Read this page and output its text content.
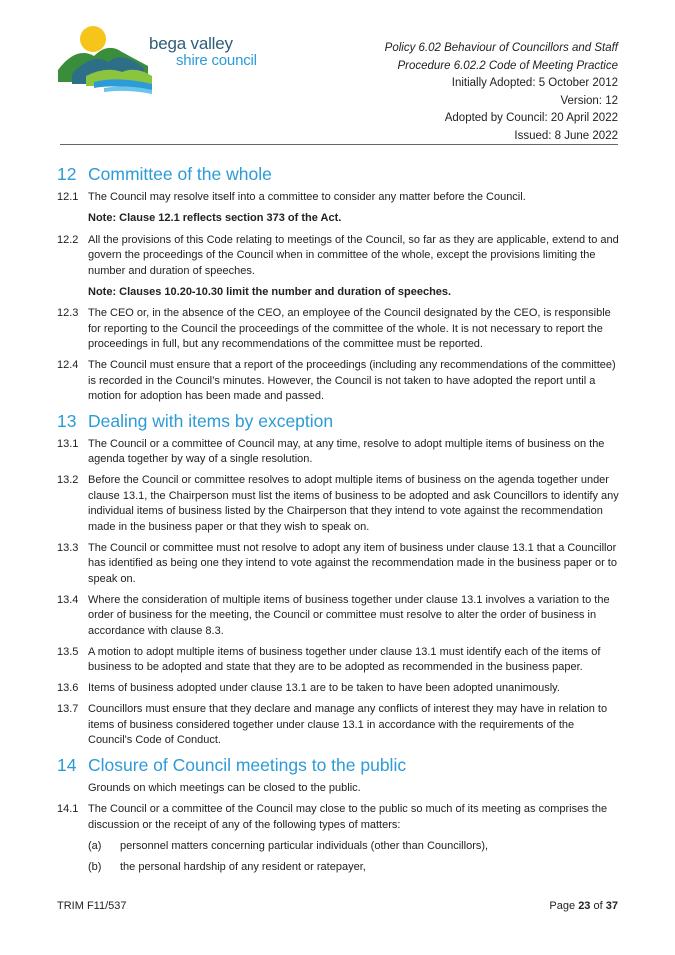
bega valley
shire council
Policy 6.02 Behaviour of Councillors and Staff
Procedure 6.02.2 Code of Meeting Practice
Initially Adopted: 5 October 2012
Version: 12
Adopted by Council: 20 April 2022
Issued: 8 June 2022
12 Committee of the whole
12.1 The Council may resolve itself into a committee to consider any matter before the Council.
Note: Clause 12.1 reflects section 373 of the Act.
12.2 All the provisions of this Code relating to meetings of the Council, so far as they are applicable, extend to and govern the proceedings of the Council when in committee of the whole, except the provisions limiting the number and duration of speeches.
Note: Clauses 10.20-10.30 limit the number and duration of speeches.
12.3 The CEO or, in the absence of the CEO, an employee of the Council designated by the CEO, is responsible for reporting to the Council the proceedings of the committee of the whole. It is not necessary to report the proceedings in full, but any recommendations of the committee must be reported.
12.4 The Council must ensure that a report of the proceedings (including any recommendations of the committee) is recorded in the Council’s minutes. However, the Council is not taken to have adopted the report until a motion for adoption has been made and passed.
13 Dealing with items by exception
13.1 The Council or a committee of Council may, at any time, resolve to adopt multiple items of business on the agenda together by way of a single resolution.
13.2 Before the Council or committee resolves to adopt multiple items of business on the agenda together under clause 13.1, the Chairperson must list the items of business to be adopted and ask Councillors to identify any individual items of business listed by the Chairperson that they intend to vote against the recommendation made in the business paper or that they wish to speak on.
13.3 The Council or committee must not resolve to adopt any item of business under clause 13.1 that a Councillor has identified as being one they intend to vote against the recommendation made in the business paper or to speak on.
13.4 Where the consideration of multiple items of business together under clause 13.1 involves a variation to the order of business for the meeting, the Council or committee must resolve to alter the order of business in accordance with clause 8.3.
13.5 A motion to adopt multiple items of business together under clause 13.1 must identify each of the items of business to be adopted and state that they are to be adopted as recommended in the business paper.
13.6 Items of business adopted under clause 13.1 are to be taken to have been adopted unanimously.
13.7 Councillors must ensure that they declare and manage any conflicts of interest they may have in relation to items of business considered together under clause 13.1 in accordance with the requirements of the Council's Code of Conduct.
14 Closure of Council meetings to the public
Grounds on which meetings can be closed to the public.
14.1 The Council or a committee of the Council may close to the public so much of its meeting as comprises the discussion or the receipt of any of the following types of matters:
(a)	personnel matters concerning particular individuals (other than Councillors),
(b)	the personal hardship of any resident or ratepayer,
TRIM F11/537	Page 23 of 37
